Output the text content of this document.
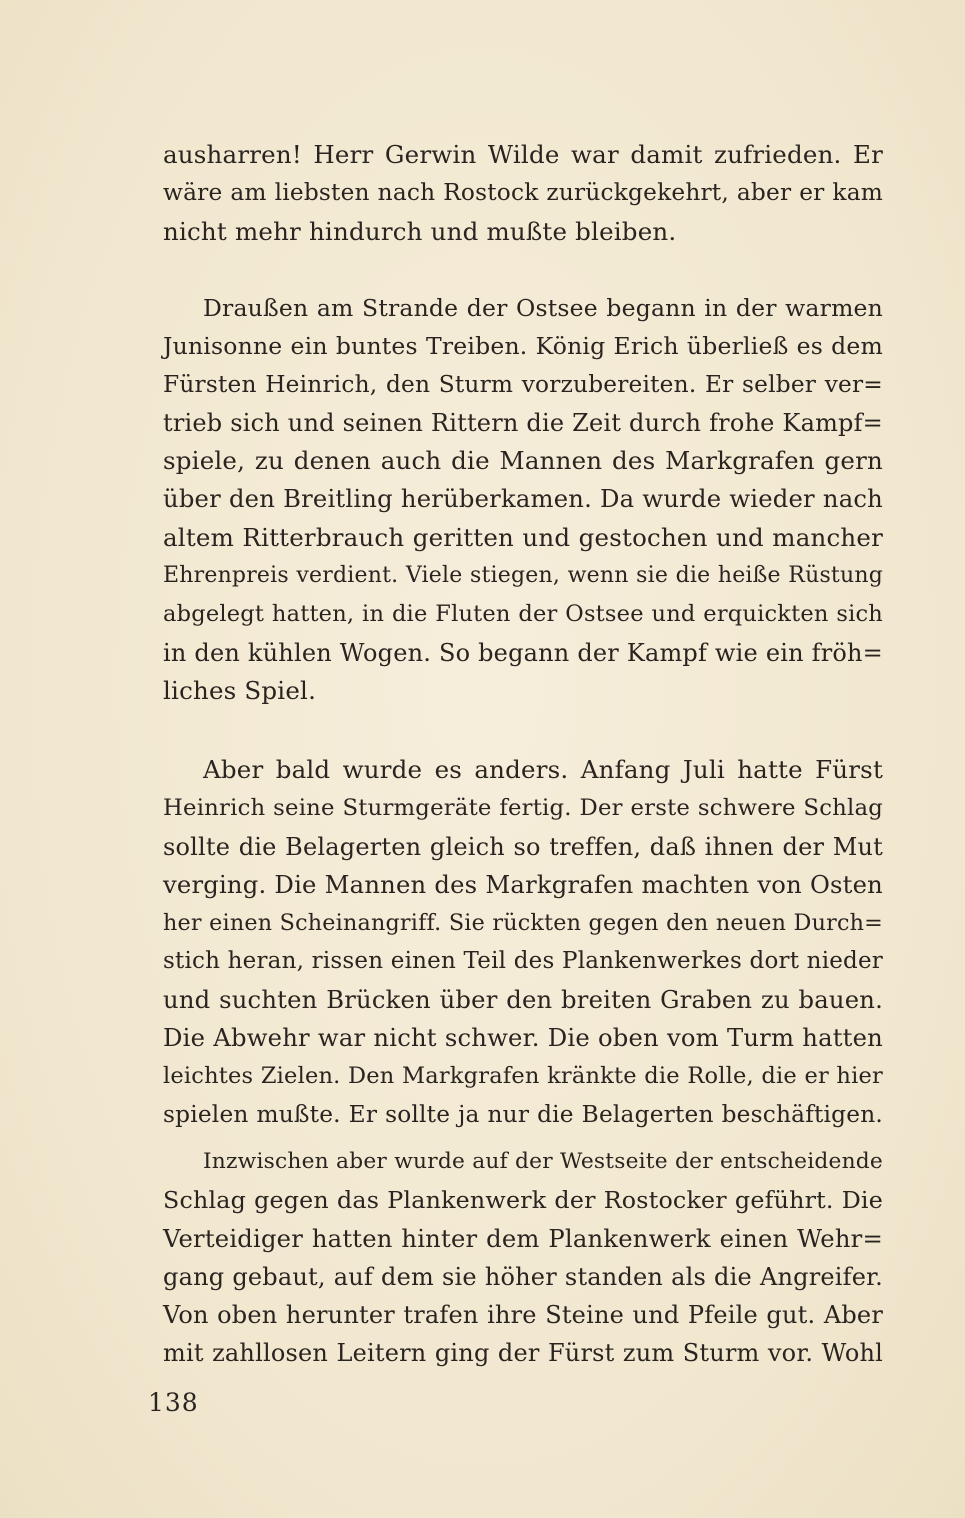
ausharren! Herr Gerwin Wilde war damit zufrieden. Er
wäre am liebsten nach Rostock zurückgekehrt, aber er kam
nicht mehr hindurch und mußte bleiben.
Draußen am Strande der Ostsee begann in der warmen
Junisonne ein buntes Treiben. König Erich überließ es dem
Fürsten Heinrich, den Sturm vorzubereiten. Er selber ver=
trieb sich und seinen Rittern die Zeit durch frohe Kampf=
spiele, zu denen auch die Mannen des Markgrafen gern
über den Breitling herüberkamen. Da wurde wieder nach
altem Ritterbrauch geritten und gestochen und mancher
Ehrenpreis verdient. Viele stiegen, wenn sie die heiße Rüstung
abgelegt hatten, in die Fluten der Ostsee und erquickten sich
in den kühlen Wogen. So begann der Kampf wie ein fröh=
liches Spiel.
Aber bald wurde es anders. Anfang Juli hatte Fürst
Heinrich seine Sturmgeräte fertig. Der erste schwere Schlag
sollte die Belagerten gleich so treffen, daß ihnen der Mut
verging. Die Mannen des Markgrafen machten von Osten
her einen Scheinangriff. Sie rückten gegen den neuen Durch=
stich heran, rissen einen Teil des Plankenwerkes dort nieder
und suchten Brücken über den breiten Graben zu bauen.
Die Abwehr war nicht schwer. Die oben vom Turm hatten
leichtes Zielen. Den Markgrafen kränkte die Rolle, die er hier
spielen mußte. Er sollte ja nur die Belagerten beschäftigen.
Inzwischen aber wurde auf der Westseite der entscheidende
Schlag gegen das Plankenwerk der Rostocker geführt. Die
Verteidiger hatten hinter dem Plankenwerk einen Wehr=
gang gebaut, auf dem sie höher standen als die Angreifer.
Von oben herunter trafen ihre Steine und Pfeile gut. Aber
mit zahllosen Leitern ging der Fürst zum Sturm vor. Wohl
138
